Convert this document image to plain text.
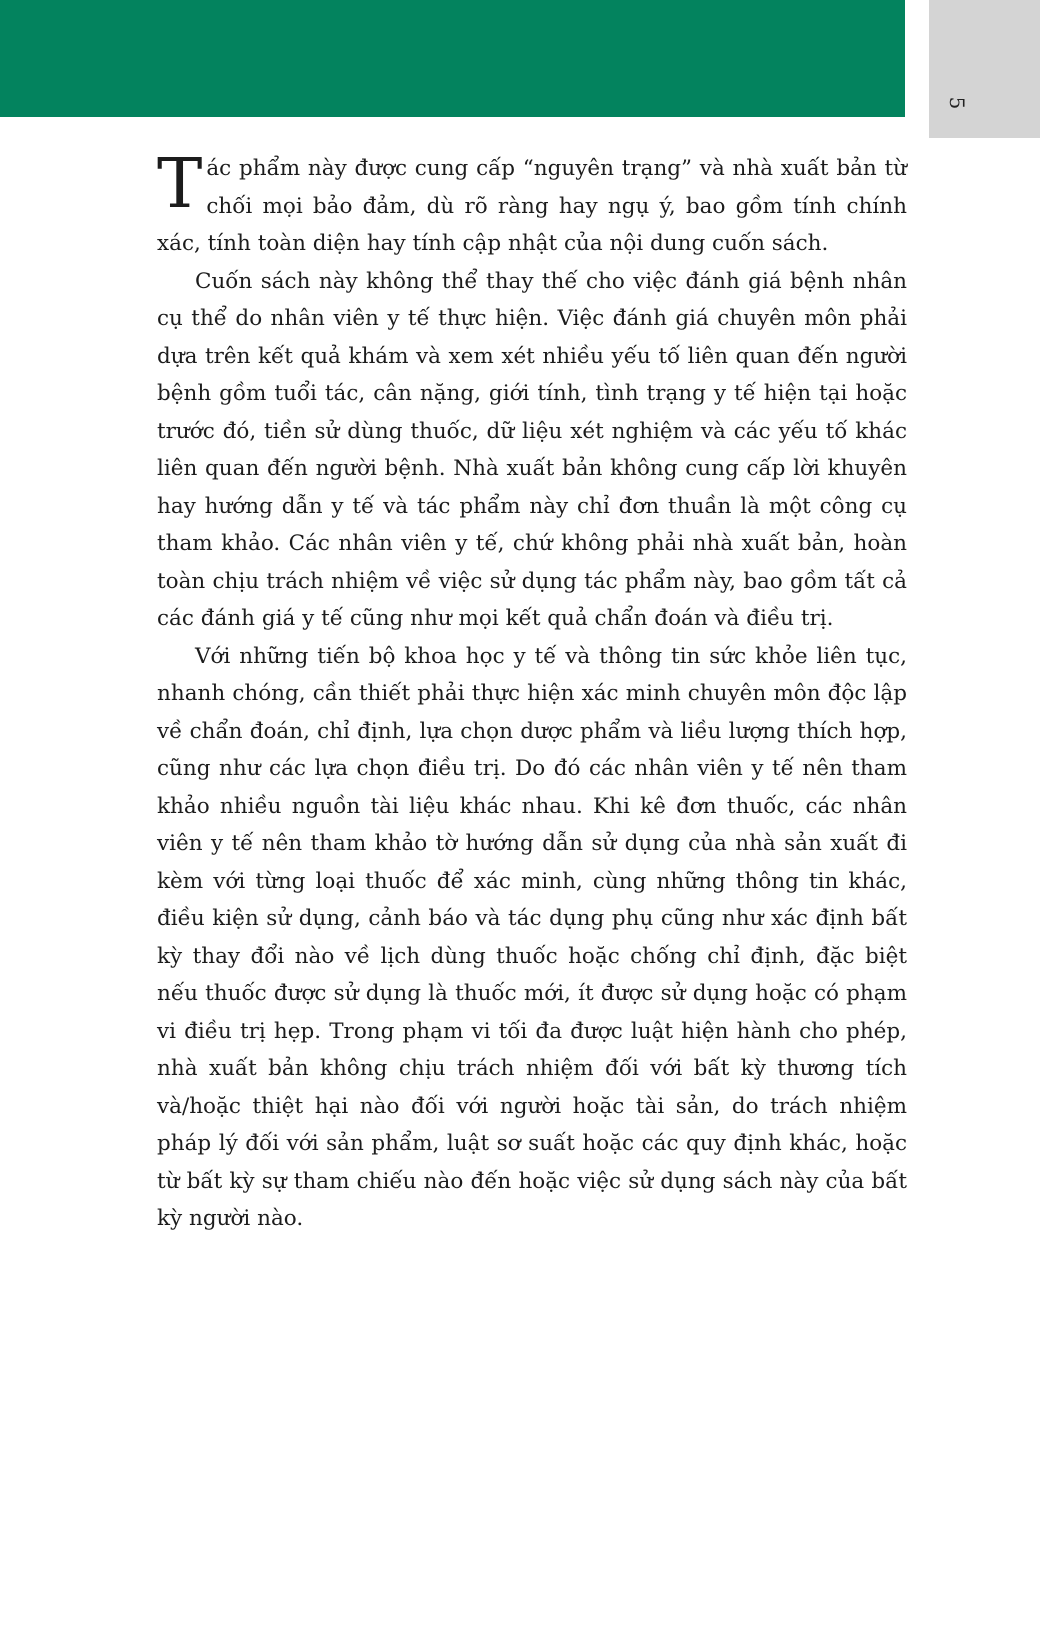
5

Tác phẩm này được cung cấp “nguyên trạng” và nhà xuất bản từ chối mọi bảo đảm, dù rõ ràng hay ngụ ý, bao gồm tính chính xác, tính toàn diện hay tính cập nhật của nội dung cuốn sách.

Cuốn sách này không thể thay thế cho việc đánh giá bệnh nhân cụ thể do nhân viên y tế thực hiện. Việc đánh giá chuyên môn phải dựa trên kết quả khám và xem xét nhiều yếu tố liên quan đến người bệnh gồm tuổi tác, cân nặng, giới tính, tình trạng y tế hiện tại hoặc trước đó, tiền sử dùng thuốc, dữ liệu xét nghiệm và các yếu tố khác liên quan đến người bệnh. Nhà xuất bản không cung cấp lời khuyên hay hướng dẫn y tế và tác phẩm này chỉ đơn thuần là một công cụ tham khảo. Các nhân viên y tế, chứ không phải nhà xuất bản, hoàn toàn chịu trách nhiệm về việc sử dụng tác phẩm này, bao gồm tất cả các đánh giá y tế cũng như mọi kết quả chẩn đoán và điều trị.

Với những tiến bộ khoa học y tế và thông tin sức khỏe liên tục, nhanh chóng, cần thiết phải thực hiện xác minh chuyên môn độc lập về chẩn đoán, chỉ định, lựa chọn dược phẩm và liều lượng thích hợp, cũng như các lựa chọn điều trị. Do đó các nhân viên y tế nên tham khảo nhiều nguồn tài liệu khác nhau. Khi kê đơn thuốc, các nhân viên y tế nên tham khảo tờ hướng dẫn sử dụng của nhà sản xuất đi kèm với từng loại thuốc để xác minh, cùng những thông tin khác, điều kiện sử dụng, cảnh báo và tác dụng phụ cũng như xác định bất kỳ thay đổi nào về lịch dùng thuốc hoặc chống chỉ định, đặc biệt nếu thuốc được sử dụng là thuốc mới, ít được sử dụng hoặc có phạm vi điều trị hẹp. Trong phạm vi tối đa được luật hiện hành cho phép, nhà xuất bản không chịu trách nhiệm đối với bất kỳ thương tích và/hoặc thiệt hại nào đối với người hoặc tài sản, do trách nhiệm pháp lý đối với sản phẩm, luật sơ suất hoặc các quy định khác, hoặc từ bất kỳ sự tham chiếu nào đến hoặc việc sử dụng sách này của bất kỳ người nào.
